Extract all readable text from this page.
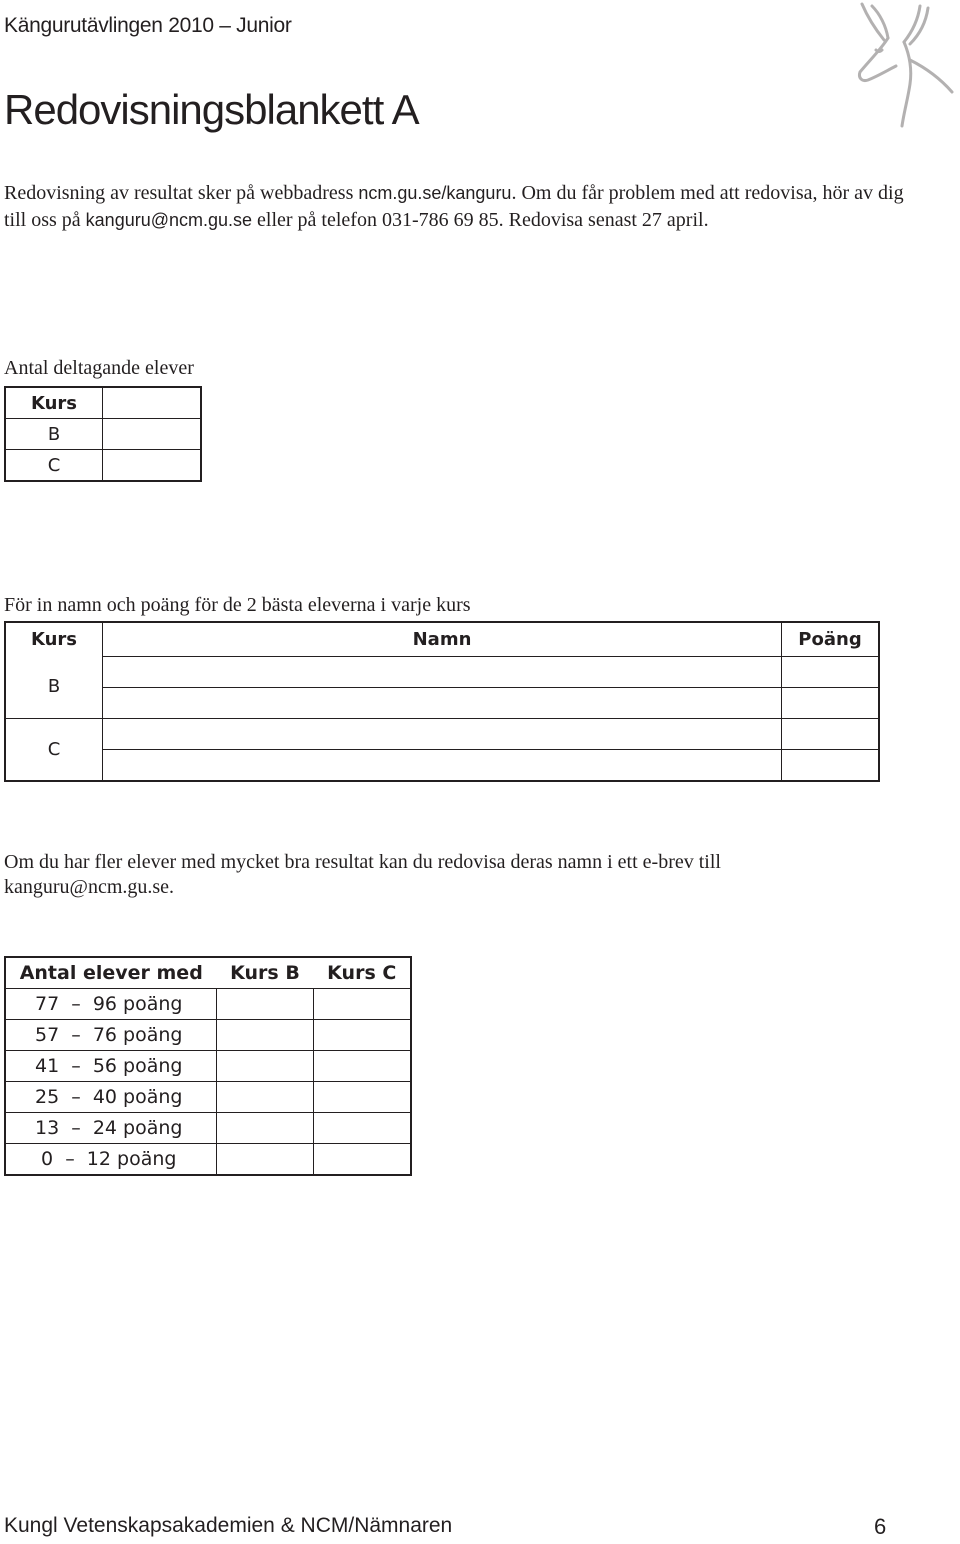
Kängurutävlingen 2010 – Junior
Redovisningsblankett A
Redovisning av resultat sker på webbadress ncm.gu.se/kanguru. Om du får problem med att redovisa, hör av dig till oss på kanguru@ncm.gu.se eller på telefon 031-786 69 85. Redovisa senast 27 april.
Antal deltagande elever
Kurs	
B	
C	
För in namn och poäng för de 2 bästa eleverna i varje kurs
Kurs	Namn	Poäng
B		

C		

Om du har fler elever med mycket bra resultat kan du redovisa deras namn i ett e-brev till kanguru@ncm.gu.se.
Antal elever med	Kurs B	Kurs C
77  –  96 poäng		
57  –  76 poäng		
41  –  56 poäng		
25  –  40 poäng		
13  –  24 poäng		
0  –  12 poäng		
Kungl Vetenskapsakademien & NCM/Nämnaren	6
